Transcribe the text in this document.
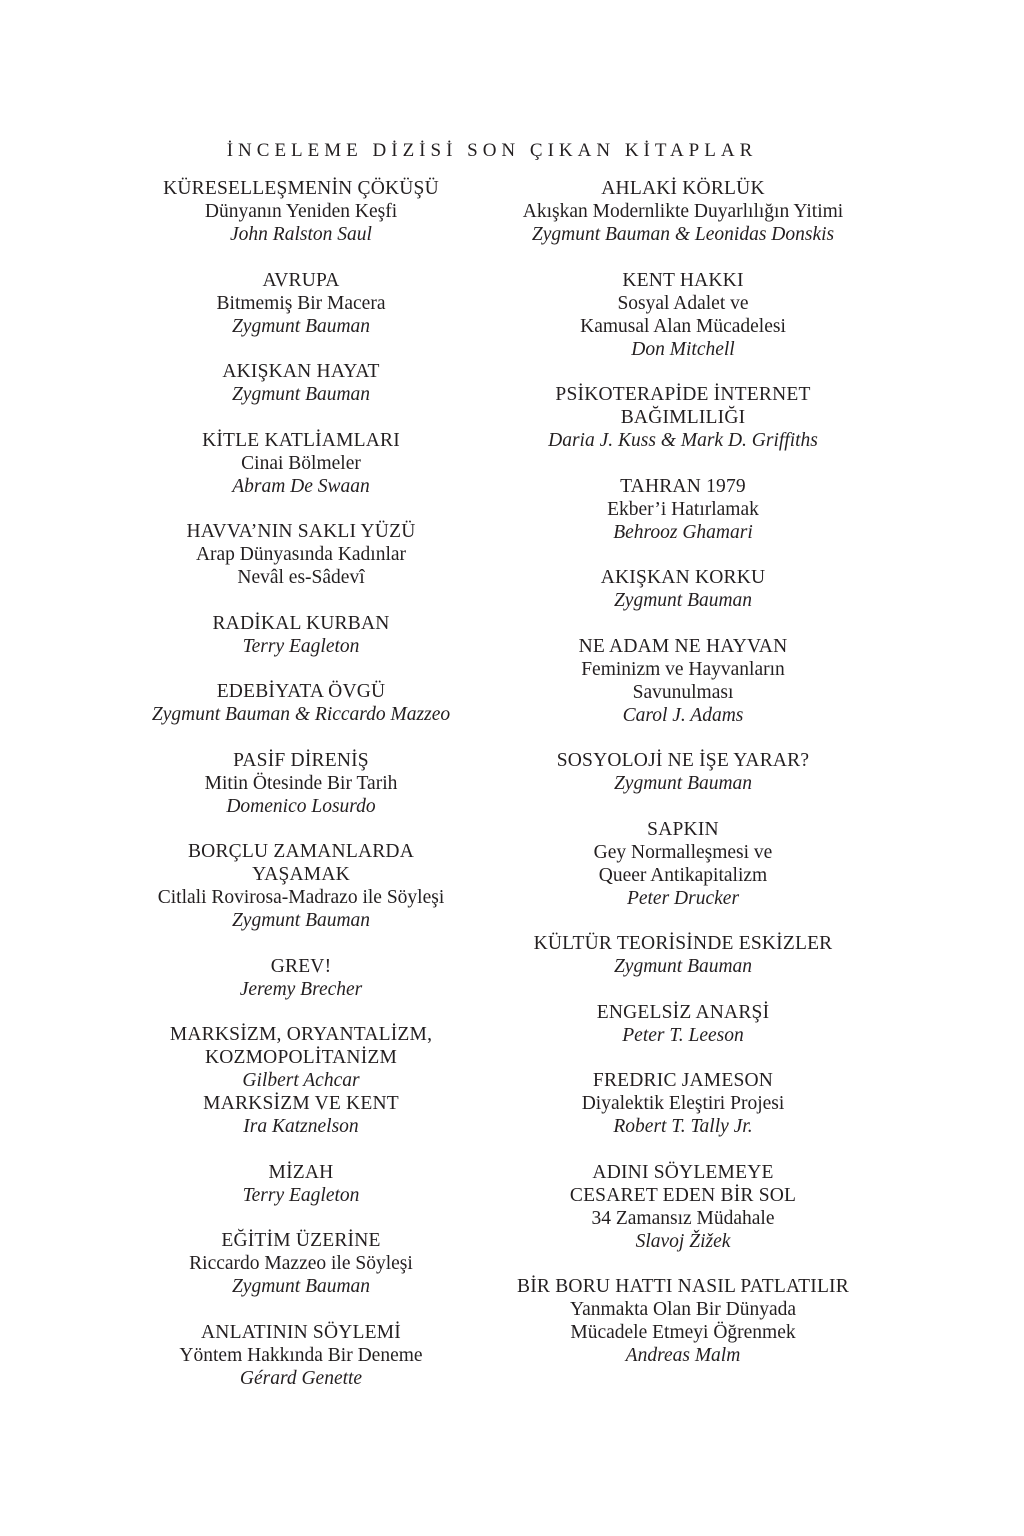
İNCELEME DİZİSİ SON ÇIKAN KİTAPLAR
KÜRESELLEŞMENİN ÇÖKÜŞÜ
Dünyanın Yeniden Keşfi
John Ralston Saul
AVRUPA
Bitmemiş Bir Macera
Zygmunt Bauman
AKIŞKAN HAYAT
Zygmunt Bauman
KİTLE KATLİAMLARI
Cinai Bölmeler
Abram De Swaan
HAVVA’NIN SAKLI YÜZÜ
Arap Dünyasında Kadınlar
Nevâl es-Sâdevî
RADİKAL KURBAN
Terry Eagleton
EDEBİYATA ÖVGÜ
Zygmunt Bauman & Riccardo Mazzeo
PASİF DİRENİŞ
Mitin Ötesinde Bir Tarih
Domenico Losurdo
BORÇLU ZAMANLARDA
YAŞAMAK
Citlali Rovirosa-Madrazo ile Söyleşi
Zygmunt Bauman
GREV!
Jeremy Brecher
MARKSİZM, ORYANTALİZM,
KOZMOPOLİTANİZM
Gilbert Achcar
MARKSİZM VE KENT
Ira Katznelson
MİZAH
Terry Eagleton
EĞİTİM ÜZERİNE
Riccardo Mazzeo ile Söyleşi
Zygmunt Bauman
ANLATININ SÖYLEMİ
Yöntem Hakkında Bir Deneme
Gérard Genette
AHLAKİ KÖRLÜK
Akışkan Modernlikte Duyarlılığın Yitimi
Zygmunt Bauman & Leonidas Donskis
KENT HAKKI
Sosyal Adalet ve
Kamusal Alan Mücadelesi
Don Mitchell
PSİKOTERAPİDE İNTERNET
BAĞIMLILIĞI
Daria J. Kuss & Mark D. Griffiths
TAHRAN 1979
Ekber’i Hatırlamak
Behrooz Ghamari
AKIŞKAN KORKU
Zygmunt Bauman
NE ADAM NE HAYVAN
Feminizm ve Hayvanların
Savunulması
Carol J. Adams
SOSYOLOJİ NE İŞE YARAR?
Zygmunt Bauman
SAPKIN
Gey Normalleşmesi ve
Queer Antikapitalizm
Peter Drucker
KÜLTÜR TEORİSİNDE ESKİZLER
Zygmunt Bauman
ENGELSİZ ANARŞİ
Peter T. Leeson
FREDRIC JAMESON
Diyalektik Eleştiri Projesi
Robert T. Tally Jr.
ADINI SÖYLEMEYE
CESARET EDEN BİR SOL
34 Zamansız Müdahale
Slavoj Žižek
BİR BORU HATTI NASIL PATLATILIR
Yanmakta Olan Bir Dünyada
Mücadele Etmeyi Öğrenmek
Andreas Malm
